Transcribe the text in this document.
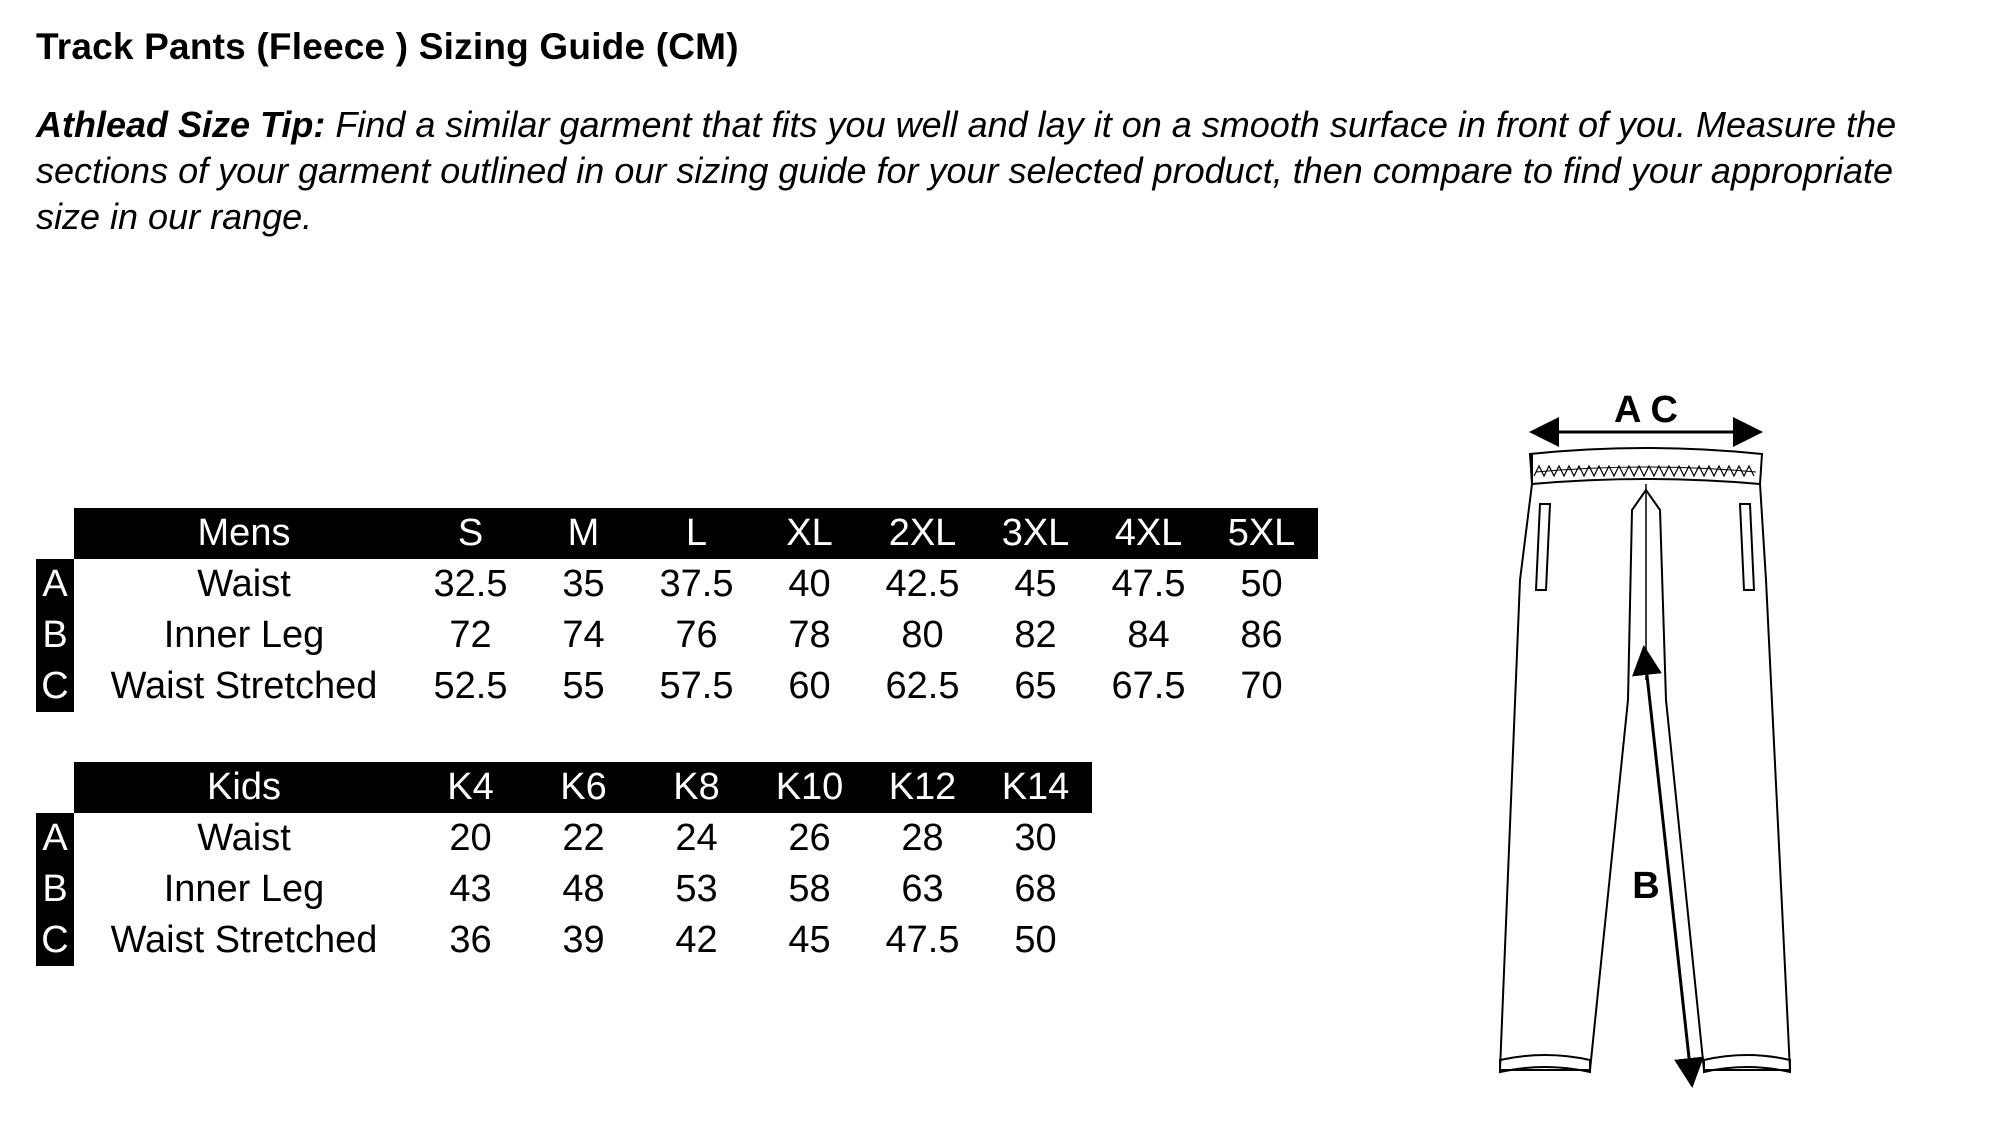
Track Pants (Fleece ) Sizing Guide (CM)
Athlead Size Tip: Find a similar garment that fits you well and lay it on a smooth surface in front of you. Measure the sections of your garment outlined in our sizing guide for your selected product, then compare to find your appropriate size in our range.
	Mens	S	M	L	XL	2XL	3XL	4XL	5XL
A	Waist	32.5	35	37.5	40	42.5	45	47.5	50
B	Inner Leg	72	74	76	78	80	82	84	86
C	Waist Stretched	52.5	55	57.5	60	62.5	65	67.5	70
	Kids	K4	K6	K8	K10	K12	K14
A	Waist	20	22	24	26	28	30
B	Inner Leg	43	48	53	58	63	68
C	Waist Stretched	36	39	42	45	47.5	50
A C
B
